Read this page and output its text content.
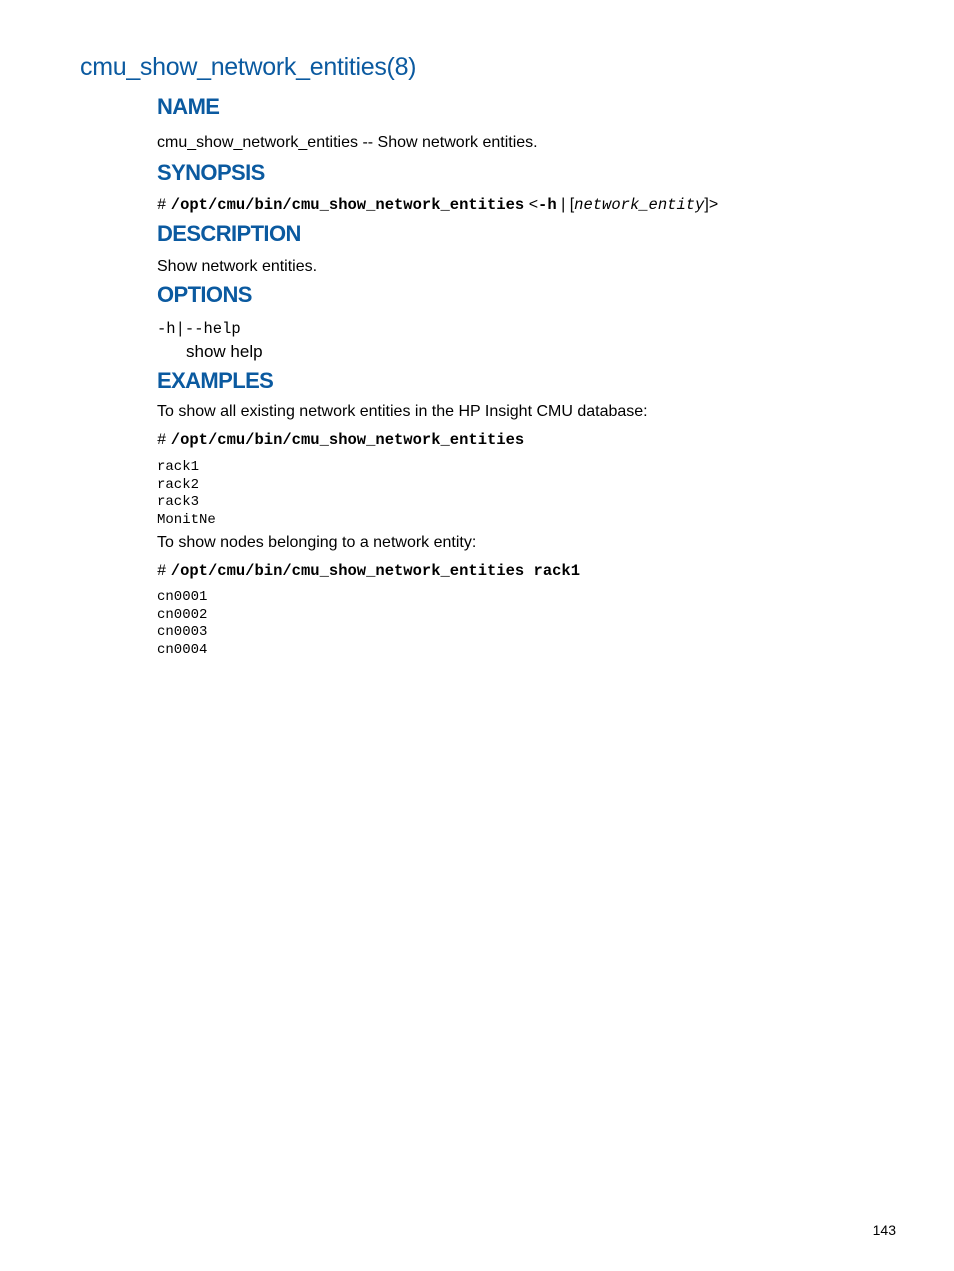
cmu_show_network_entities(8)
NAME

cmu_show_network_entities -- Show network entities.

SYNOPSIS

# /opt/cmu/bin/cmu_show_network_entities <-h | [network_entity]>

DESCRIPTION

Show network entities.

OPTIONS

-h|--help

show help

EXAMPLES

To show all existing network entities in the HP Insight CMU database:

# /opt/cmu/bin/cmu_show_network_entities

rack1
rack2
rack3
MonitNe

To show nodes belonging to a network entity:

# /opt/cmu/bin/cmu_show_network_entities rack1

cn0001
cn0002
cn0003
cn0004
143
